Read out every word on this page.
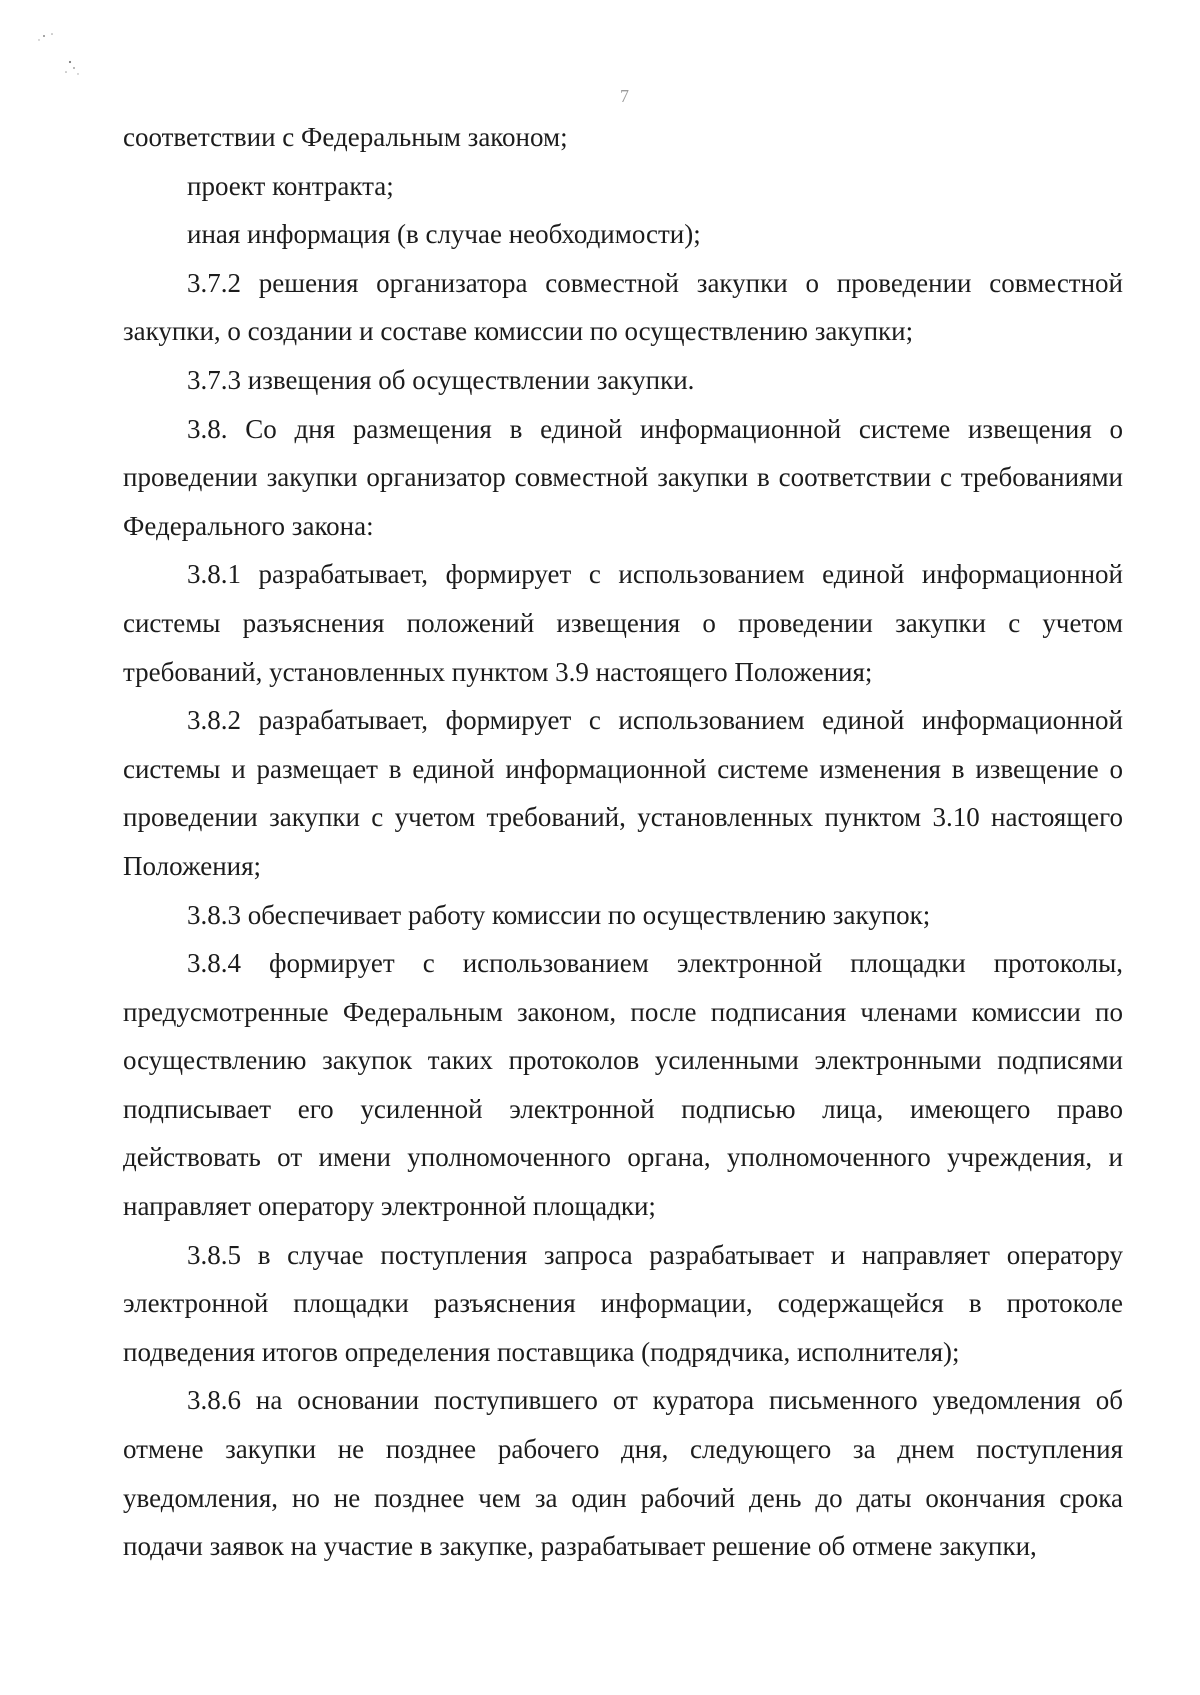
7

соответствии с Федеральным законом;

проект контракта;

иная информация (в случае необходимости);

3.7.2 решения организатора совместной закупки о проведении совместной закупки, о создании и составе комиссии по осуществлению закупки;

3.7.3 извещения об осуществлении закупки.

3.8. Со дня размещения в единой информационной системе извещения о проведении закупки организатор совместной закупки в соответствии с требованиями Федерального закона:

3.8.1 разрабатывает, формирует с использованием единой информационной системы разъяснения положений извещения о проведении закупки с учетом требований, установленных пунктом 3.9 настоящего Положения;

3.8.2 разрабатывает, формирует с использованием единой информационной системы и размещает в единой информационной системе изменения в извещение о проведении закупки с учетом требований, установленных пунктом 3.10 настоящего Положения;

3.8.3 обеспечивает работу комиссии по осуществлению закупок;

3.8.4 формирует с использованием электронной площадки протоколы, предусмотренные Федеральным законом, после подписания членами комиссии по осуществлению закупок таких протоколов усиленными электронными подписями подписывает его усиленной электронной подписью лица, имеющего право действовать от имени уполномоченного органа, уполномоченного учреждения, и направляет оператору электронной площадки;

3.8.5 в случае поступления запроса разрабатывает и направляет оператору электронной площадки разъяснения информации, содержащейся в протоколе подведения итогов определения поставщика (подрядчика, исполнителя);

3.8.6 на основании поступившего от куратора письменного уведомления об отмене закупки не позднее рабочего дня, следующего за днем поступления уведомления, но не позднее чем за один рабочий день до даты окончания срока подачи заявок на участие в закупке, разрабатывает решение об отмене закупки,
